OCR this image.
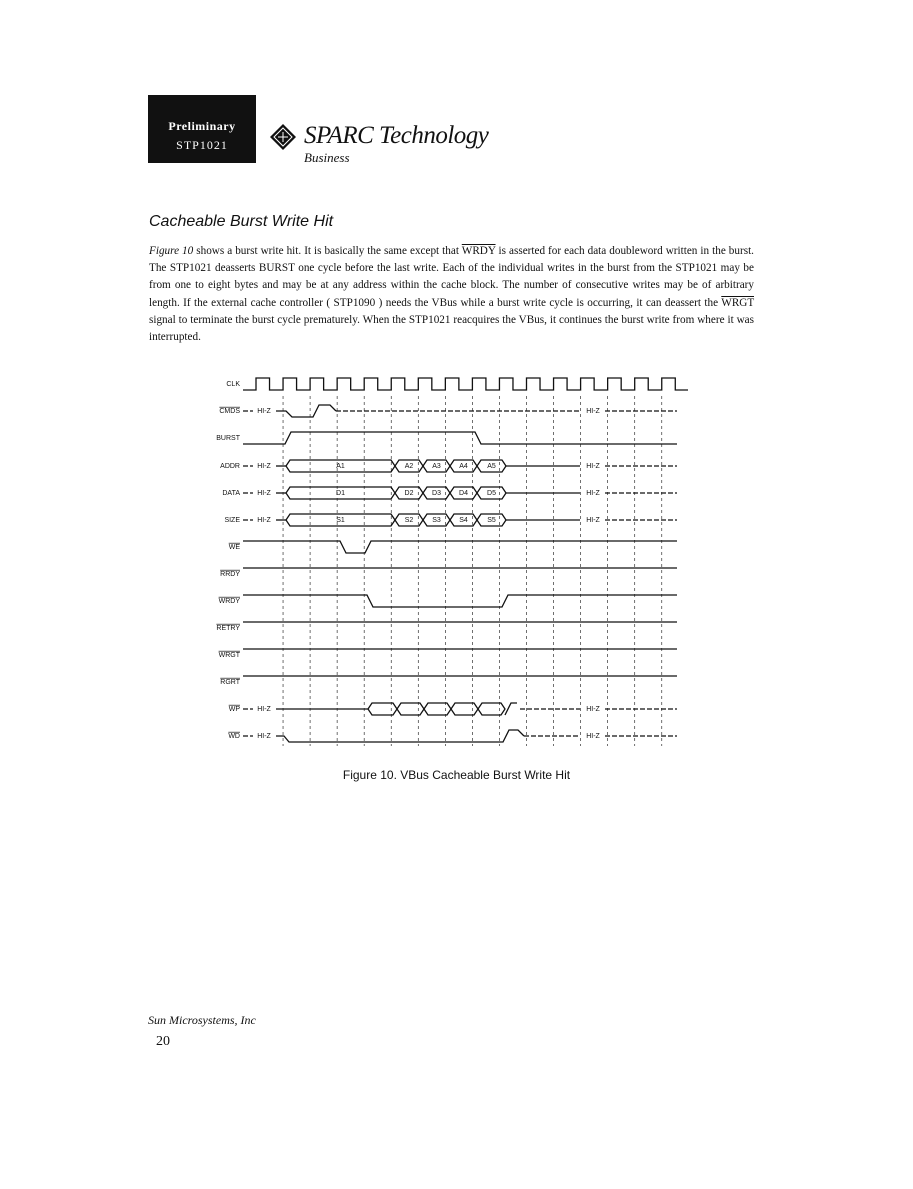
Preliminary
STP1021	SPARC Technology
Business
Cacheable Burst Write Hit

Figure 10 shows a burst write hit. It is basically the same except that WRDY is asserted for each data doubleword written in the burst. The STP1021 deasserts BURST one cycle before the last write. Each of the individual writes in the burst from the STP1021 may be from one to eight bytes and may be at any address within the cache block. The number of consecutive writes may be of arbitrary length. If the external cache controller ( STP1090 ) needs the VBus while a burst write cycle is occurring, it can deassert the WRGT signal to terminate the burst cycle prematurely. When the STP1021 reacquires the VBus, it continues the burst write from where it was interrupted.

CLK
CMDS
BURST
ADDR
DATA
SIZE
WE
RRDY
WRDY
RETRY
WRGT
RGRT
WP
WD
HI-Z	HI-Z
HI-Z	A1	A2	A3	A4	A5	HI-Z
HI-Z	D1	D2	D3	D4	D5	HI-Z
HI-Z	S1	S2	S3	S4	S5	HI-Z
HI-Z	HI-Z
HI-Z	HI-Z
Figure 10. VBus Cacheable Burst Write Hit
Sun Microsystems, Inc
20
